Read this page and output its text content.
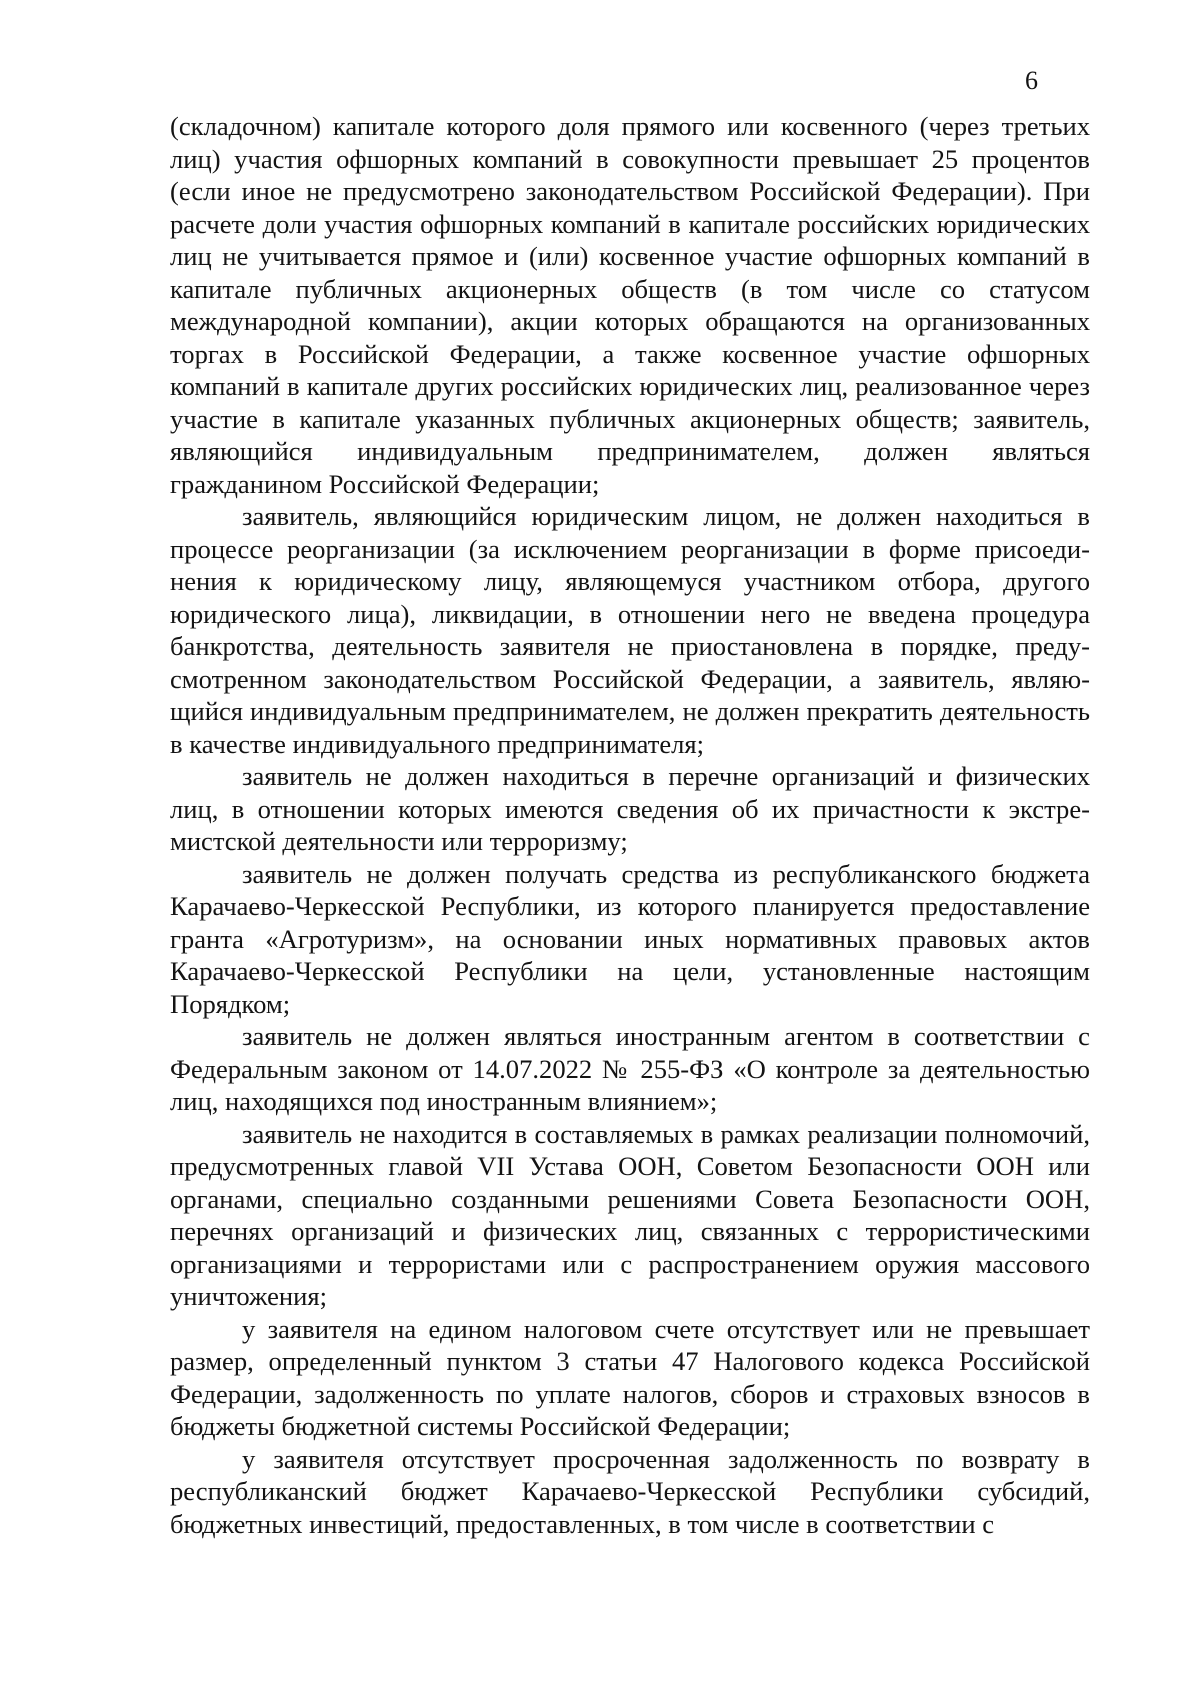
6

(складочном) капитале которого доля прямого или косвенного (через третьих лиц) участия офшорных компаний в совокупности превышает 25 процентов (если иное не предусмотрено законодательством Российской Федерации). При расчете доли участия офшорных компаний в капитале российских юридических лиц не учитывается прямое и (или) косвенное участие офшорных компаний в капитале публичных акционерных обществ (в том числе со статусом международной компании), акции которых обращаются на организованных торгах в Российской Федерации, а также косвенное участие офшорных компаний в капитале других российских юридических лиц, реализованное через участие в капитале указанных публичных акционерных обществ; заявитель, являющийся индивидуальным предпринимателем, должен являться гражданином Российской Федерации;

заявитель, являющийся юридическим лицом, не должен находиться в процессе реорганизации (за исключением реорганизации в форме присоединения к юридическому лицу, являющемуся участником отбора, другого юридического лица), ликвидации, в отношении него не введена процедура банкротства, деятельность заявителя не приостановлена в порядке, предусмотренном законодательством Российской Федерации, а заявитель, являющийся индивидуальным предпринимателем, не должен прекратить деятельность в качестве индивидуального предпринимателя;

заявитель не должен находиться в перечне организаций и физических лиц, в отношении которых имеются сведения об их причастности к экстремистской деятельности или терроризму;

заявитель не должен получать средства из республиканского бюджета Карачаево-Черкесской Республики, из которого планируется предоставление гранта «Агротуризм», на основании иных нормативных правовых актов Карачаево-Черкесской Республики на цели, установленные настоящим Порядком;

заявитель не должен являться иностранным агентом в соответствии с Федеральным законом от 14.07.2022 № 255-ФЗ «О контроле за деятельностью лиц, находящихся под иностранным влиянием»;

заявитель не находится в составляемых в рамках реализации полномочий, предусмотренных главой VII Устава ООН, Советом Безопасности ООН или органами, специально созданными решениями Совета Безопасности ООН, перечнях организаций и физических лиц, связанных с террористическими организациями и террористами или с распространением оружия массового уничтожения;

у заявителя на едином налоговом счете отсутствует или не превышает размер, определенный пунктом 3 статьи 47 Налогового кодекса Российской Федерации, задолженность по уплате налогов, сборов и страховых взносов в бюджеты бюджетной системы Российской Федерации;

у заявителя отсутствует просроченная задолженность по возврату в республиканский бюджет Карачаево-Черкесской Республики субсидий, бюджетных инвестиций, предоставленных, в том числе в соответствии с
